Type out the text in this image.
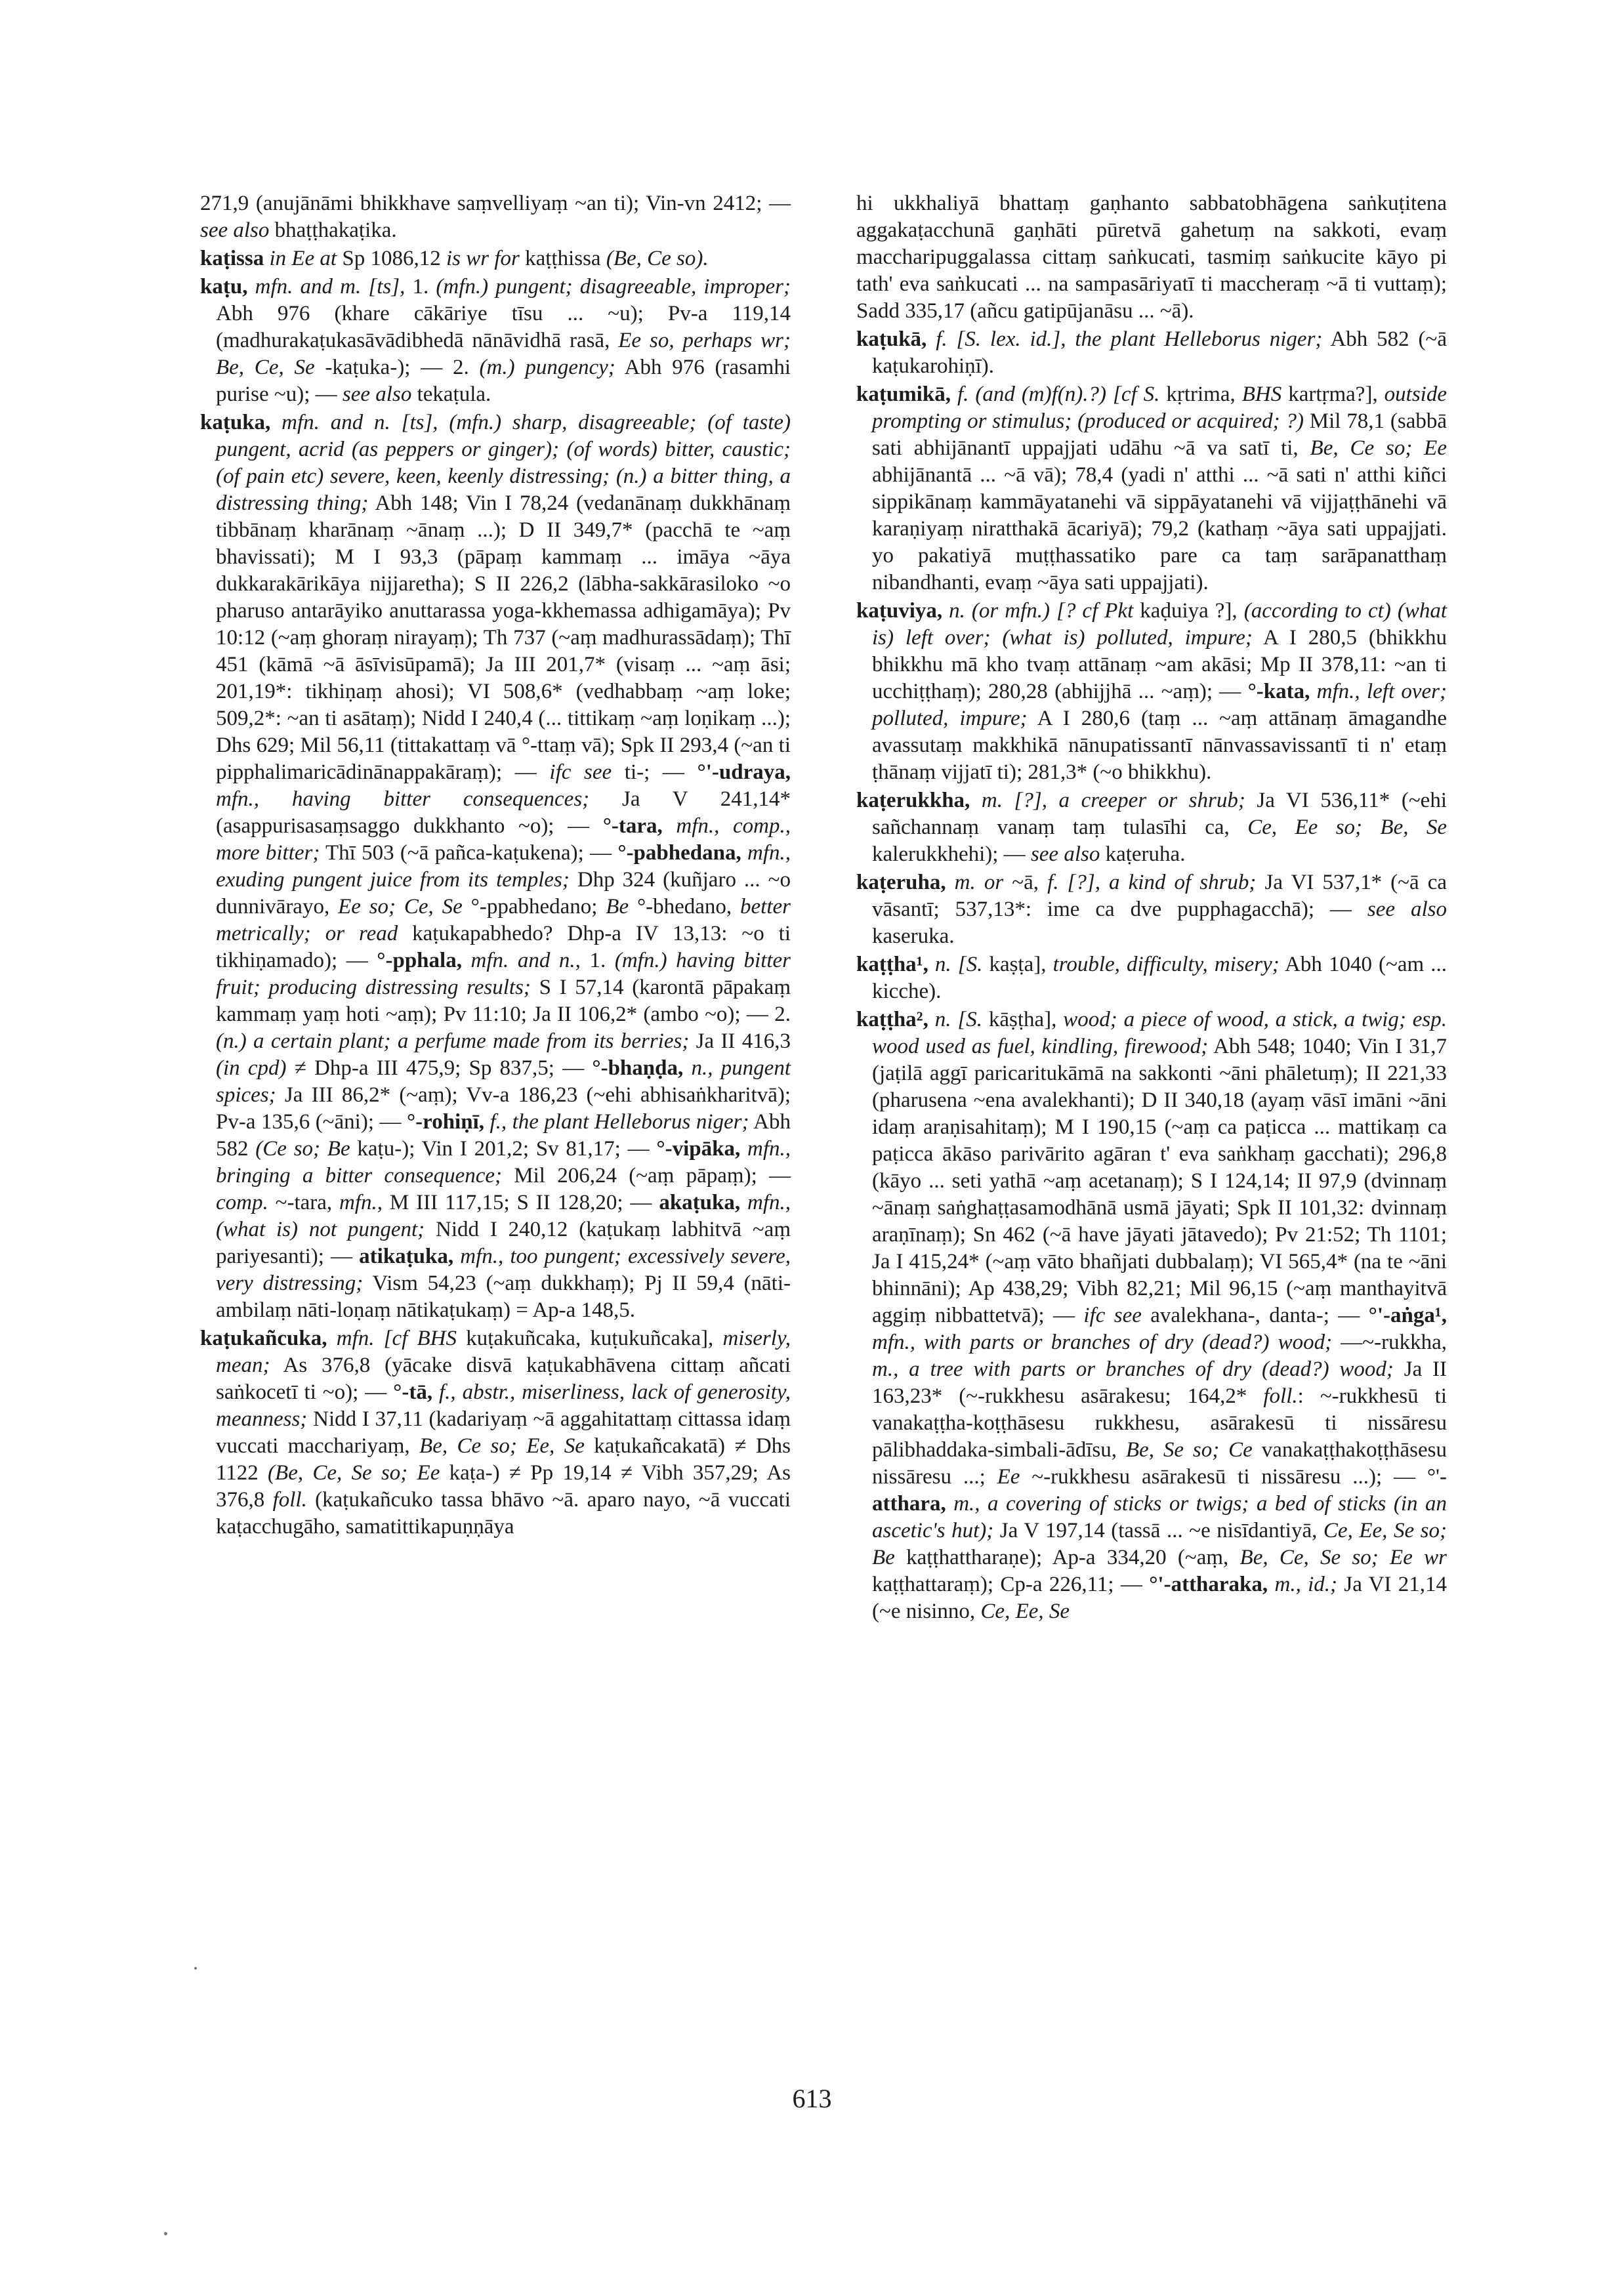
271,9 (anujānāmi bhikkhave saṃvelliyaṃ ~an ti); Vin-vn 2412; — see also bhaṭṭhakaṭika.
kaṭissa in Ee at Sp 1086,12 is wr for kaṭṭhissa (Be, Ce so).
kaṭu, mfn. and m. [ts], 1. (mfn.) pungent; disagreeable, improper; Abh 976 (khare cākāriye tīsu ... ~u); Pv-a 119,14 (madhurakaṭukasāvādibhedā nānāvidhā rasā, Ee so, perhaps wr; Be, Ce, Se -kaṭuka-); — 2. (m.) pungency; Abh 976 (rasamhi purise ~u); — see also tekaṭula.
kaṭuka, mfn. and n. [ts], (mfn.) sharp, disagreeable; (of taste) pungent, acrid (as peppers or ginger); (of words) bitter, caustic; (of pain etc) severe, keen, keenly distressing; (n.) a bitter thing, a distressing thing; Abh 148; Vin I 78,24 (vedanānaṃ dukkhānaṃ tibbānaṃ kharānaṃ ~ānaṃ ...); D II 349,7* (pacchā te ~aṃ bhavissati); M I 93,3 (pāpaṃ kammaṃ ... imāya ~āya dukkarakārikāya nijjaretha); S II 226,2 (lābha-sakkārasiloko ~o pharuso antarāyiko anuttarassa yoga-kkhemassa adhigamāya); Pv 10:12 (~aṃ ghoraṃ nirayaṃ); Th 737 (~aṃ madhurassādaṃ); Thī 451 (kāmā ~ā āsīvisūpamā); Ja III 201,7* (visaṃ ... ~aṃ āsi; 201,19*: tikhiṇaṃ ahosi); VI 508,6* (vedhabbaṃ ~aṃ loke; 509,2*: ~an ti asātaṃ); Nidd I 240,4 (... tittikaṃ ~aṃ loṇikaṃ ...); Dhs 629; Mil 56,11 (tittakattaṃ vā °-ttaṃ vā); Spk II 293,4 (~an ti pipphalimaricādinānappakāraṃ); — ifc see ti-; — °'-udraya, mfn., having bitter consequences; Ja V 241,14* (asappurisasaṃsaggo dukkhanto ~o); — °-tara, mfn., comp., more bitter; Thī 503 (~ā pañca-kaṭukena); — °-pabhedana, mfn., exuding pungent juice from its temples; Dhp 324 (kuñjaro ... ~o dunnivārayo, Ee so; Ce, Se °-ppabhedano; Be °-bhedano, better metrically; or read kaṭukapabhedo? Dhp-a IV 13,13: ~o ti tikhiṇamado); — °-pphala, mfn. and n., 1. (mfn.) having bitter fruit; producing distressing results; S I 57,14 (karontā pāpakaṃ kammaṃ yaṃ hoti ~aṃ); Pv 11:10; Ja II 106,2* (ambo ~o); — 2. (n.) a certain plant; a perfume made from its berries; Ja II 416,3 (in cpd) ≠ Dhp-a III 475,9; Sp 837,5; — °-bhaṇḍa, n., pungent spices; Ja III 86,2* (~aṃ); Vv-a 186,23 (~ehi abhisaṅkharitvā); Pv-a 135,6 (~āni); — °-rohiṇī, f., the plant Helleborus niger; Abh 582 (Ce so; Be kaṭu-); Vin I 201,2; Sv 81,17; — °-vipāka, mfn., bringing a bitter consequence; Mil 206,24 (~aṃ pāpaṃ); — comp. ~-tara, mfn., M III 117,15; S II 128,20; — akaṭuka, mfn., (what is) not pungent; Nidd I 240,12 (kaṭukaṃ labhitvā ~aṃ pariyesanti); — atikaṭuka, mfn., too pungent; excessively severe, very distressing; Vism 54,23 (~aṃ dukkhaṃ); Pj II 59,4 (nāti-ambilaṃ nāti-loṇaṃ nātikaṭukaṃ) = Ap-a 148,5.
kaṭukañcuka, mfn. [cf BHS kuṭakuñcaka, kuṭukuñcaka], miserly, mean; As 376,8 (yācake disvā kaṭukabhāvena cittaṃ añcati saṅkocetī ti ~o); — °-tā, f., abstr., miserliness, lack of generosity, meanness; Nidd I 37,11 (kadariyaṃ ~ā aggahitattaṃ cittassa idaṃ vuccati macchariyaṃ, Be, Ce so; Ee, Se kaṭukañcakatā) ≠ Dhs 1122 (Be, Ce, Se so; Ee kaṭa-) ≠ Pp 19,14 ≠ Vibh 357,29; As 376,8 foll. (kaṭukañcuko tassa bhāvo ~ā. aparo nayo, ~ā vuccati kaṭacchugāho, samatittikapuṇṇāya
hi ukkhaliyā bhattaṃ gaṇhanto sabbatobhāgena saṅkuṭitena aggakaṭacchunā gaṇhāti pūretvā gahetuṃ na sakkoti, evaṃ maccharipuggalassa cittaṃ saṅkucati, tasmiṃ saṅkucite kāyo pi tath' eva saṅkucati ... na sampasāriyatī ti maccheraṃ ~ā ti vuttaṃ); Sadd 335,17 (añcu gatipūjanāsu ... ~ā).
kaṭukā, f. [S. lex. id.], the plant Helleborus niger; Abh 582 (~ā kaṭukarohiṇī).
kaṭumikā, f. (and (m)f(n).?) [cf S. kṛtrima, BHS kartṛma?], outside prompting or stimulus; (produced or acquired; ?) Mil 78,1 (sabbā sati abhijānantī uppajjati udāhu ~ā va satī ti, Be, Ce so; Ee abhijānantā ... ~ā vā); 78,4 (yadi n' atthi ... ~ā sati n' atthi kiñci sippikānaṃ kammāyatanehi vā sippāyatanehi vā vijjaṭṭhānehi vā karaṇiyaṃ niratthakā ācariyā); 79,2 (kathaṃ ~āya sati uppajjati. yo pakatiyā muṭṭhassatiko pare ca taṃ sarāpanatthaṃ nibandhanti, evaṃ ~āya sati uppajjati).
kaṭuviya, n. (or mfn.) [? cf Pkt kaḍuiya ?], (according to ct) (what is) left over; (what is) polluted, impure; A I 280,5 (bhikkhu bhikkhu mā kho tvaṃ attānaṃ ~am akāsi; Mp II 378,11: ~an ti ucchiṭṭhaṃ); 280,28 (abhijjhā ... ~aṃ); — °-kata, mfn., left over; polluted, impure; A I 280,6 (taṃ ... ~aṃ attānaṃ āmagandhe avassutaṃ makkhikā nānupatissantī nānvassavissantī ti n' etaṃ ṭhānaṃ vijjatī ti); 281,3* (~o bhikkhu).
kaṭerukkha, m. [?], a creeper or shrub; Ja VI 536,11* (~ehi sañchannaṃ vanaṃ taṃ tulasīhi ca, Ce, Ee so; Be, Se kalerukkhehi); — see also kaṭeruha.
kaṭeruha, m. or ~ā, f. [?], a kind of shrub; Ja VI 537,1* (~ā ca vāsantī; 537,13*: ime ca dve pupphagacchā); — see also kaseruka.
kaṭṭha¹, n. [S. kaṣṭa], trouble, difficulty, misery; Abh 1040 (~am ... kicche).
kaṭṭha², n. [S. kāṣṭha], wood; a piece of wood, a stick, a twig; esp. wood used as fuel, kindling, firewood; Abh 548; 1040; Vin I 31,7 (jaṭilā aggī paricaritukāmā na sakkonti ~āni phāletuṃ); II 221,33 (pharusena ~ena avalekhanti); D II 340,18 (ayaṃ vāsī imāni ~āni idaṃ araṇisahitaṃ); M I 190,15 (~aṃ ca paṭicca ... mattikaṃ ca paṭicca ākāso parivārito agāran t' eva saṅkhaṃ gacchati); 296,8 (kāyo ... seti yathā ~aṃ acetanaṃ); S I 124,14; II 97,9 (dvinnaṃ ~ānaṃ saṅghaṭṭasamodhānā usmā jāyati; Spk II 101,32: dvinnaṃ araṇīnaṃ); Sn 462 (~ā have jāyati jātavedo); Pv 21:52; Th 1101; Ja I 415,24* (~aṃ vāto bhañjati dubbalaṃ); VI 565,4* (na te ~āni bhinnāni); Ap 438,29; Vibh 82,21; Mil 96,15 (~aṃ manthayitvā aggiṃ nibbattetvā); — ifc see avalekhana-, danta-; — °'-aṅga¹, mfn., with parts or branches of dry (dead?) wood; —~-rukkha, m., a tree with parts or branches of dry (dead?) wood; Ja II 163,23* (~-rukkhesu asārakesu; 164,2* foll.: ~-rukkhesū ti vanakaṭṭha-koṭṭhāsesu rukkhesu, asārakesū ti nissāresu pālibhaddaka-simbali-ādīsu, Be, Se so; Ce vanakaṭṭhakoṭṭhāsesu nissāresu ...; Ee ~-rukkhesu asārakesū ti nissāresu ...); — °'-atthara, m., a covering of sticks or twigs; a bed of sticks (in an ascetic's hut); Ja V 197,14 (tassā ... ~e nisīdantiyā, Ce, Ee, Se so; Be kaṭṭhattharaṇe); Ap-a 334,20 (~aṃ, Be, Ce, Se so; Ee wr kaṭṭhattaraṃ); Cp-a 226,11; — °'-attharaka, m., id.; Ja VI 21,14 (~e nisinno, Ce, Ee, Se
613
